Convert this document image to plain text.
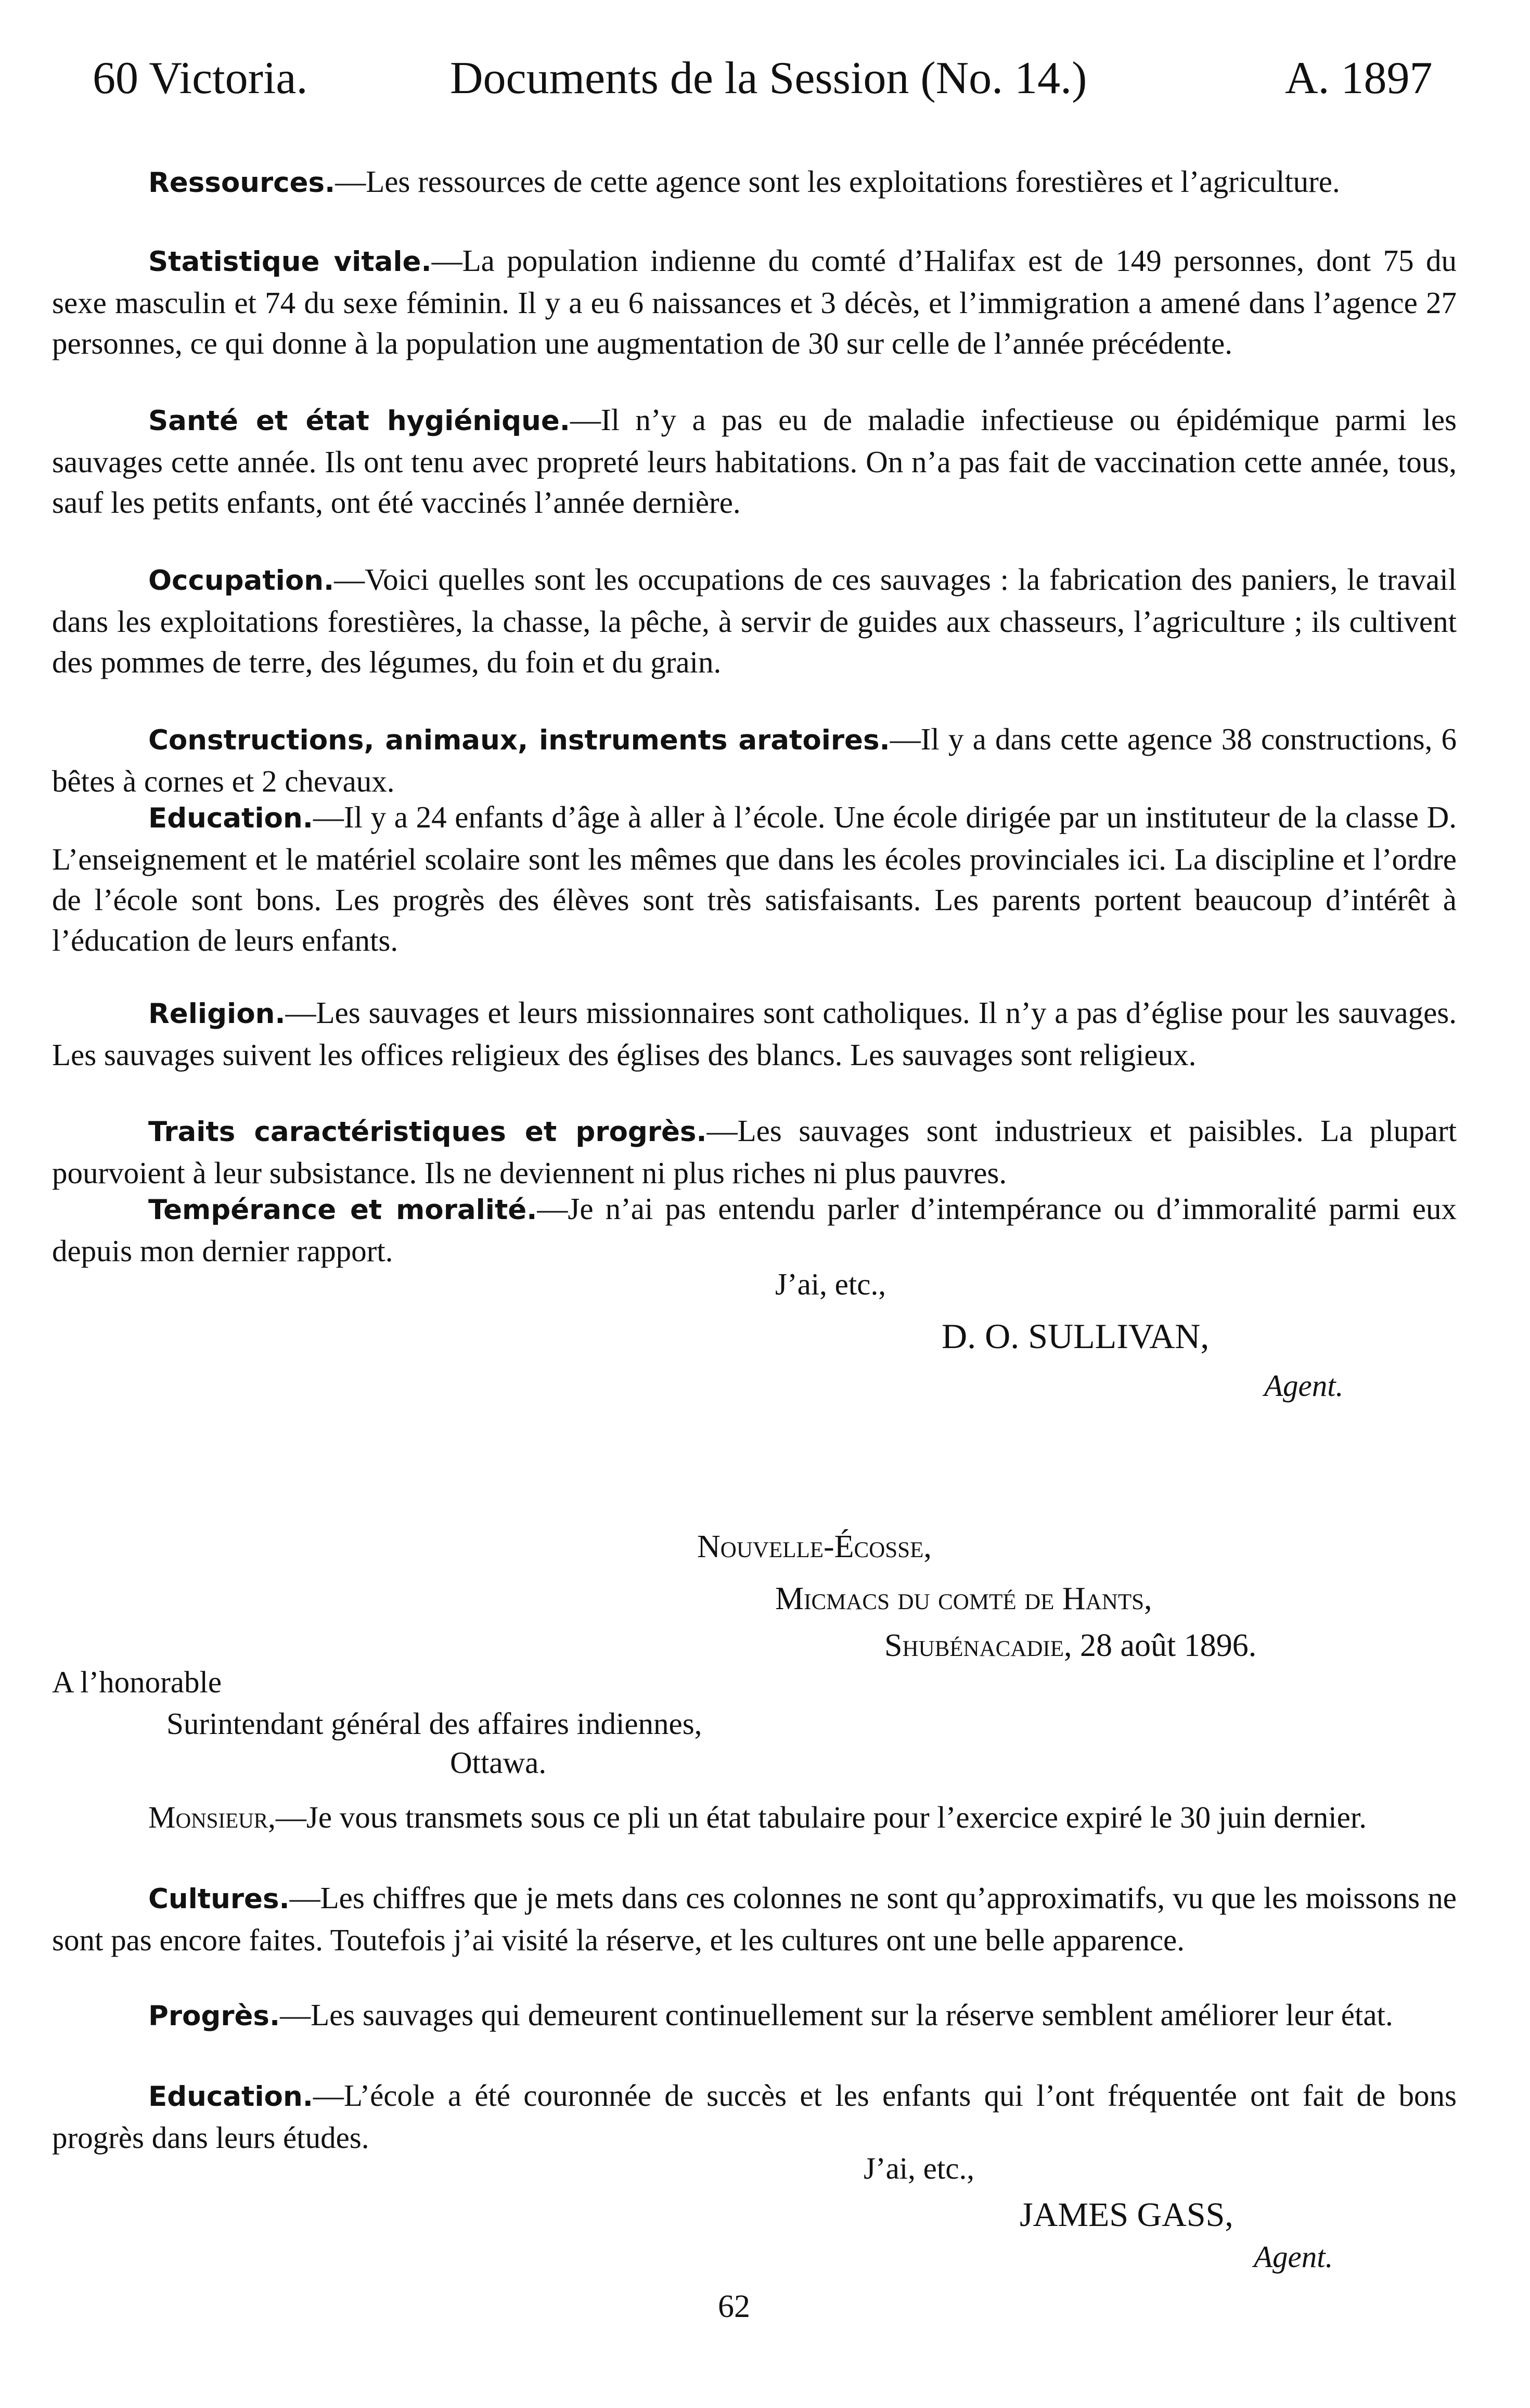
60 Victoria.	Documents de la Session (No. 14.)	A. 1897

Ressources.—Les ressources de cette agence sont les exploitations forestières et l’agriculture.

Statistique vitale.—La population indienne du comté d’Halifax est de 149 personnes, dont 75 du sexe masculin et 74 du sexe féminin. Il y a eu 6 naissances et 3 décès, et l’immigration a amené dans l’agence 27 personnes, ce qui donne à la population une augmentation de 30 sur celle de l’année précédente.

Santé et état hygiénique.—Il n’y a pas eu de maladie infectieuse ou épidémique parmi les sauvages cette année. Ils ont tenu avec propreté leurs habitations. On n’a pas fait de vaccination cette année, tous, sauf les petits enfants, ont été vaccinés l’année dernière.

Occupation.—Voici quelles sont les occupations de ces sauvages : la fabrication des paniers, le travail dans les exploitations forestières, la chasse, la pêche, à servir de guides aux chasseurs, l’agriculture ; ils cultivent des pommes de terre, des légumes, du foin et du grain.

Constructions, animaux, instruments aratoires.—Il y a dans cette agence 38 constructions, 6 bêtes à cornes et 2 chevaux.

Education.—Il y a 24 enfants d’âge à aller à l’école. Une école dirigée par un instituteur de la classe D. L’enseignement et le matériel scolaire sont les mêmes que dans les écoles provinciales ici. La discipline et l’ordre de l’école sont bons. Les progrès des élèves sont très satisfaisants. Les parents portent beaucoup d’intérêt à l’éducation de leurs enfants.

Religion.—Les sauvages et leurs missionnaires sont catholiques. Il n’y a pas d’église pour les sauvages. Les sauvages suivent les offices religieux des églises des blancs. Les sauvages sont religieux.

Traits caractéristiques et progrès.—Les sauvages sont industrieux et paisibles. La plupart pourvoient à leur subsistance. Ils ne deviennent ni plus riches ni plus pauvres.

Tempérance et moralité.—Je n’ai pas entendu parler d’intempérance ou d’immoralité parmi eux depuis mon dernier rapport.

J’ai, etc.,
D. O. SULLIVAN,
Agent.
Nouvelle-Écosse,
Micmacs du comté de Hants,
Shubénacadie, 28 août 1896.
A l’honorable
Surintendant général des affaires indiennes,
Ottawa.

Monsieur,—Je vous transmets sous ce pli un état tabulaire pour l’exercice expiré le 30 juin dernier.

Cultures.—Les chiffres que je mets dans ces colonnes ne sont qu’approximatifs, vu que les moissons ne sont pas encore faites. Toutefois j’ai visité la réserve, et les cultures ont une belle apparence.

Progrès.—Les sauvages qui demeurent continuellement sur la réserve semblent améliorer leur état.

Education.—L’école a été couronnée de succès et les enfants qui l’ont fréquentée ont fait de bons progrès dans leurs études.

J’ai, etc.,
JAMES GASS,
Agent.
62
